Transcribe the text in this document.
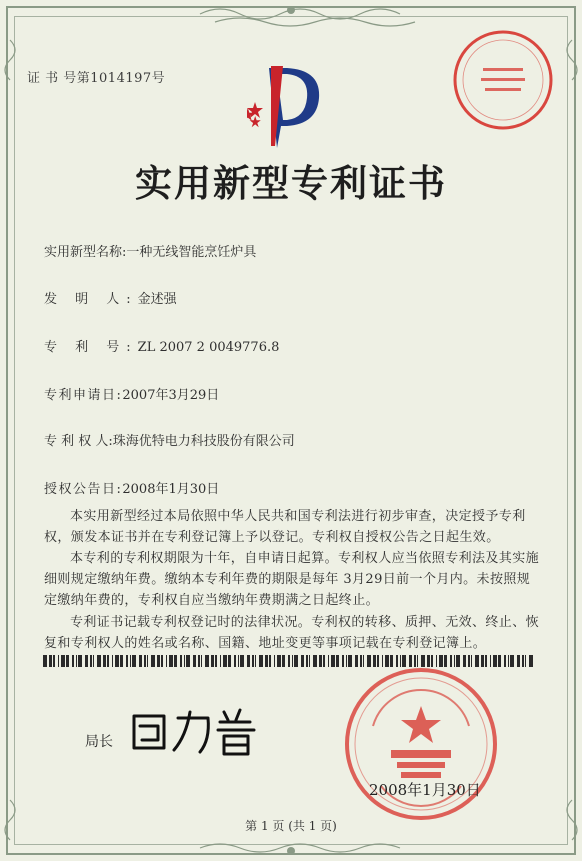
证 书 号第1014197号
实用新型专利证书
实用新型名称:一种无线智能烹饪炉具
发 明 人:金述强
专 利 号:ZL 2007 2 0049776.8
专利申请日:2007年3月29日
专 利 权 人:珠海优特电力科技股份有限公司
授权公告日:2008年1月30日

本实用新型经过本局依照中华人民共和国专利法进行初步审查，决定授予专利权，颁发本证书并在专利登记簿上予以登记。专利权自授权公告之日起生效。

本专利的专利权期限为十年，自申请日起算。专利权人应当依照专利法及其实施细则规定缴纳年费。缴纳本专利年费的期限是每年 3月29日前一个月内。未按照规定缴纳年费的，专利权自应当缴纳年费期满之日起终止。

专利证书记载专利权登记时的法律状况。专利权的转移、质押、无效、终止、恢复和专利权人的姓名或名称、国籍、地址变更等事项记载在专利登记簿上。

局长
2008年1月30日
第 1 页 (共 1 页)
